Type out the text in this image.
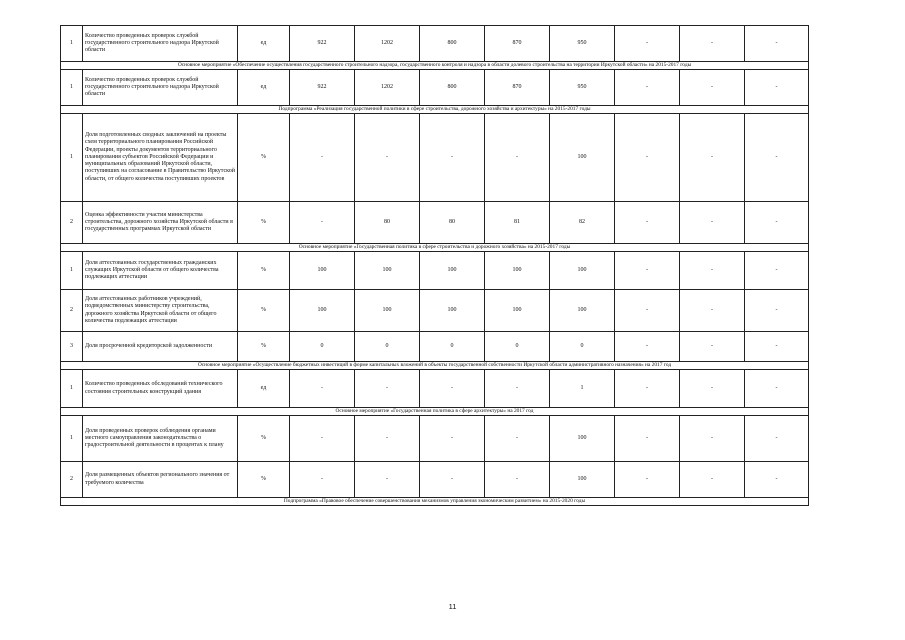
1	Количество проведенных проверок службой государственного строительного надзора Иркутской области	ед	922	1202	800	870	950	-	-	-
Основное мероприятие «Обеспечение осуществления государственного строительного надзора, государственного контроля и надзора в области долевого строительства на территории Иркутской области» на 2015-2017 годы										
1	Количество проведенных проверок службой государственного строительного надзора Иркутской области	ед	922	1202	800	870	950	-	-	-
Подпрограмма «Реализация государственной политики в сфере строительства, дорожного хозяйства и архитектуры» на 2015-2017 годы										
1	Доля подготовленных сводных заключений на проекты схем территориального планирования Российской Федерации, проекты документов территориального планирования субъектов Российской Федерации и муниципальных образований Иркутской области, поступивших на согласование в Правительство Иркутской области, от общего количества поступивших проектов	%	-	-	-	-	100	-	-	-
2	Оценка эффективности участия министерства строительства, дорожного хозяйства Иркутской области в государственных программах Иркутской области	%	-	80	80	81	82	-	-	-
Основное мероприятие «Государственная политика в сфере строительства и дорожного хозяйства» на 2015-2017 годы										
1	Доля аттестованных государственных гражданских служащих Иркутской области от общего количества подлежащих аттестации	%	100	100	100	100	100	-	-	-
2	Доля аттестованных работников учреждений, подведомственных министерству строительства, дорожного хозяйства Иркутской области от общего количества подлежащих аттестации	%	100	100	100	100	100	-	-	-
3	Доля просроченной кредиторской задолженности	%	0	0	0	0	0	-	-	-
Основное мероприятие «Осуществление бюджетных инвестиций в форме капитальных вложений в объекты государственной собственности Иркутской области административного назначения» на 2017 год										
1	Количество проведенных обследований технического состояния строительных конструкций здания	ед	-	-	-	-	1	-	-	-
Основное мероприятие «Государственная политика в сфере архитектуры» на 2017 год										
1	Доля проведенных проверок соблюдения органами местного самоуправления законодательства о градостроительной деятельности в процентах к плану	%	-	-	-	-	100	-	-	-
2	Доля размещенных объектов регионального значения от требуемого количества	%	-	-	-	-	100	-	-	-
Подпрограмма «Правовое обеспечение совершенствования механизмов управления экономическим развитием» на 2015-2020 годы										
11
